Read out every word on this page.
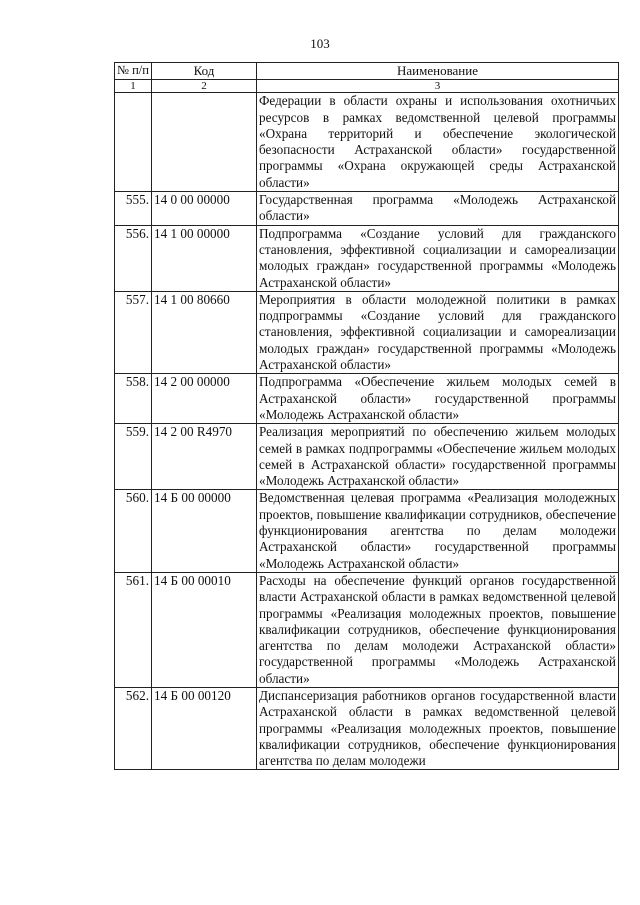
103
№ п/п	Код	Наименование
1	2	3
		Федерации в области охраны и использования охотничьих ресурсов в рамках ведомственной целевой программы «Охрана территорий и обеспечение экологической безопасности Астраханской области» государственной программы «Охрана окружающей среды Астраханской области»
555.	14 0 00 00000	Государственная программа «Молодежь Астраханской области»
556.	14 1 00 00000	Подпрограмма «Создание условий для гражданского становления, эффективной социализации и самореализации молодых граждан» государственной программы «Молодежь Астраханской области»
557.	14 1 00 80660	Мероприятия в области молодежной политики в рамках подпрограммы «Создание условий для гражданского становления, эффективной социализации и самореализации молодых граждан» государственной программы «Молодежь Астраханской области»
558.	14 2 00 00000	Подпрограмма «Обеспечение жильем молодых семей в Астраханской области» государственной программы «Молодежь Астраханской области»
559.	14 2 00 R4970	Реализация мероприятий по обеспечению жильем молодых семей в рамках подпрограммы «Обеспечение жильем молодых семей в Астраханской области» государственной программы «Молодежь Астраханской области»
560.	14 Б 00 00000	Ведомственная целевая программа «Реализация молодежных проектов, повышение квалификации сотрудников, обеспечение функционирования агентства по делам молодежи Астраханской области» государственной программы «Молодежь Астраханской области»
561.	14 Б 00 00010	Расходы на обеспечение функций органов государственной власти Астраханской области в рамках ведомственной целевой программы «Реализация молодежных проектов, повышение квалификации сотрудников, обеспечение функционирования агентства по делам молодежи Астраханской области» государственной программы «Молодежь Астраханской области»
562.	14 Б 00 00120	Диспансеризация работников органов государственной власти Астраханской области в рамках ведомственной целевой программы «Реализация молодежных проектов, повышение квалификации сотрудников, обеспечение функционирования агентства по делам молодежи
